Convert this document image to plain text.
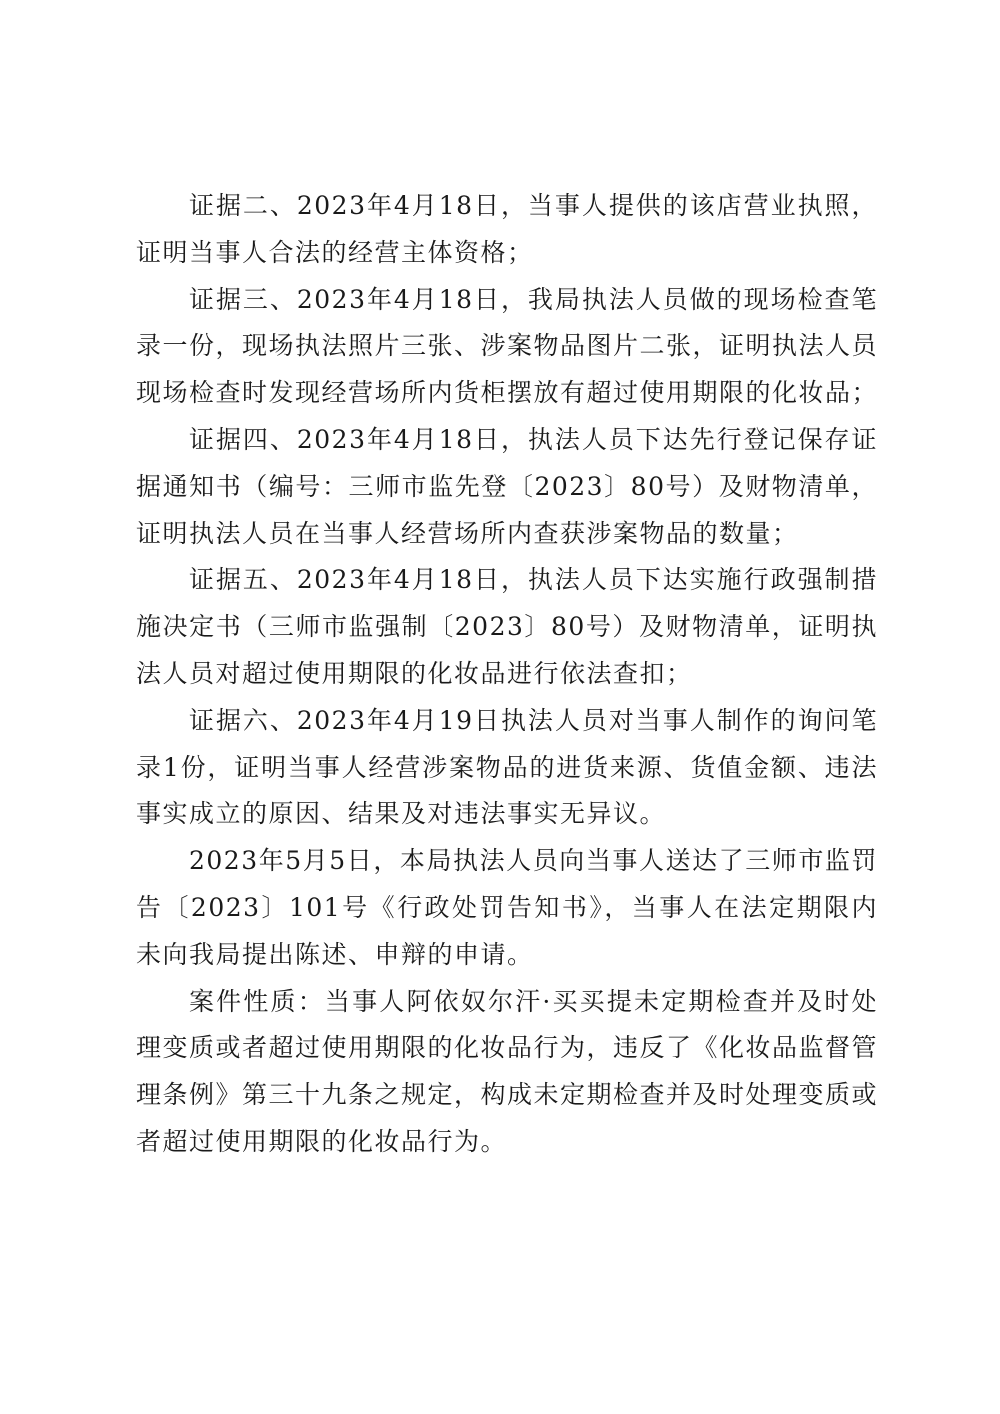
证据二、2023年4月18日，当事人提供的该店营业执照，证明当事人合法的经营主体资格；

证据三、2023年4月18日，我局执法人员做的现场检查笔录一份，现场执法照片三张、涉案物品图片二张，证明执法人员现场检查时发现经营场所内货柜摆放有超过使用期限的化妆品；

证据四、2023年4月18日，执法人员下达先行登记保存证据通知书（编号：三师市监先登〔2023〕80号）及财物清单，证明执法人员在当事人经营场所内查获涉案物品的数量；

证据五、2023年4月18日，执法人员下达实施行政强制措施决定书（三师市监强制〔2023〕80号）及财物清单，证明执法人员对超过使用期限的化妆品进行依法查扣；

证据六、2023年4月19日执法人员对当事人制作的询问笔录1份，证明当事人经营涉案物品的进货来源、货值金额、违法事实成立的原因、结果及对违法事实无异议。

2023年5月5日，本局执法人员向当事人送达了三师市监罚告〔2023〕101号《行政处罚告知书》，当事人在法定期限内未向我局提出陈述、申辩的申请。

案件性质：当事人阿依奴尔汗·买买提未定期检查并及时处理变质或者超过使用期限的化妆品行为，违反了《化妆品监督管理条例》第三十九条之规定，构成未定期检查并及时处理变质或者超过使用期限的化妆品行为。
